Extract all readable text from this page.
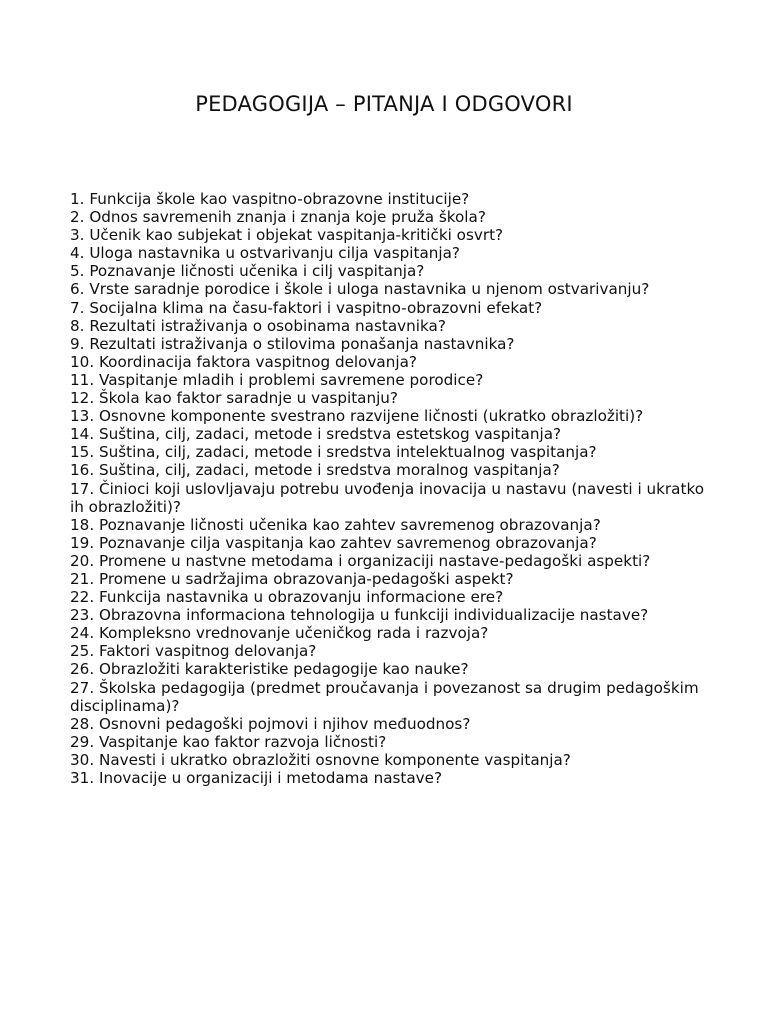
PEDAGOGIJA – PITANJA I ODGOVORI
1. Funkcija škole kao vaspitno-obrazovne institucije?
2. Odnos savremenih znanja i znanja koje pruža škola?
3. Učenik kao subjekat i objekat vaspitanja-kritički osvrt?
4. Uloga nastavnika u ostvarivanju cilja vaspitanja?
5. Poznavanje ličnosti učenika i cilj vaspitanja?
6. Vrste saradnje porodice i škole i uloga nastavnika u njenom ostvarivanju?
7. Socijalna klima na času-faktori i vaspitno-obrazovni efekat?
8. Rezultati istraživanja o osobinama nastavnika?
9. Rezultati istraživanja o stilovima ponašanja nastavnika?
10. Koordinacija faktora vaspitnog delovanja?
11. Vaspitanje mladih i problemi savremene porodice?
12. Škola kao faktor saradnje u vaspitanju?
13. Osnovne komponente svestrano razvijene ličnosti (ukratko obrazložiti)?
14. Suština, cilj, zadaci, metode i sredstva estetskog vaspitanja?
15. Suština, cilj, zadaci, metode i sredstva intelektualnog vaspitanja?
16. Suština, cilj, zadaci, metode i sredstva moralnog vaspitanja?
17. Činioci koji uslovljavaju potrebu uvođenja inovacija u nastavu (navesti i ukratko ih obrazložiti)?
18. Poznavanje ličnosti učenika kao zahtev savremenog obrazovanja?
19. Poznavanje cilja vaspitanja kao zahtev savremenog obrazovanja?
20. Promene u nastvne metodama i organizaciji nastave-pedagoški aspekti?
21. Promene u sadržajima obrazovanja-pedagoški aspekt?
22. Funkcija nastavnika u obrazovanju informacione ere?
23. Obrazovna informaciona tehnologija u funkciji individualizacije nastave?
24. Kompleksno vrednovanje učeničkog rada i razvoja?
25. Faktori vaspitnog delovanja?
26. Obrazložiti karakteristike pedagogije kao nauke?
27. Školska pedagogija (predmet proučavanja i povezanost sa drugim pedagoškim disciplinama)?
28. Osnovni pedagoški pojmovi i njihov međuodnos?
29. Vaspitanje kao faktor razvoja ličnosti?
30. Navesti i ukratko obrazložiti osnovne komponente vaspitanja?
31. Inovacije u organizaciji i metodama nastave?
